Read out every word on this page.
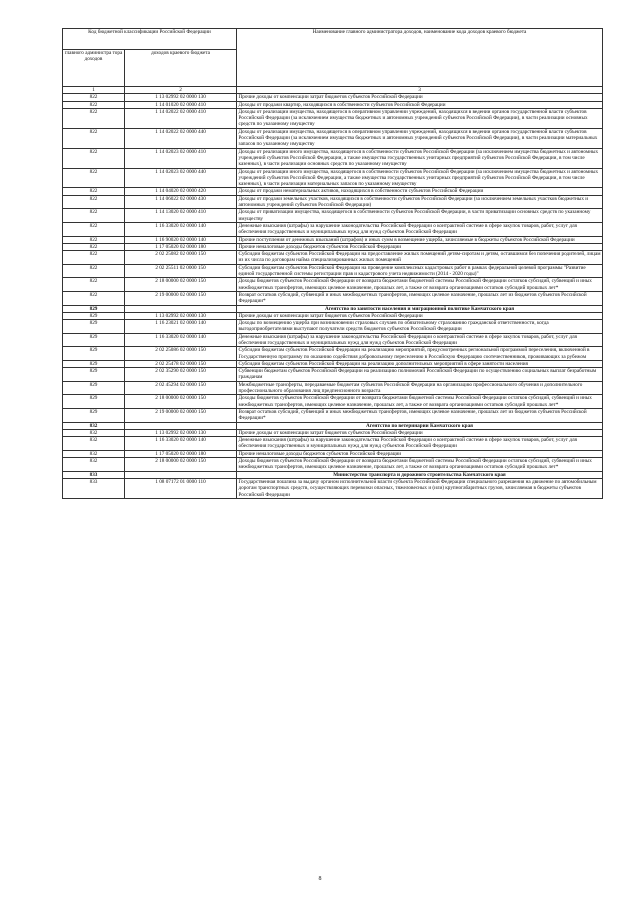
Код бюджетной классификации Российской Федерации		Наименование главного администратора доходов, наименование кода доходов краевого бюджета
главного администра тора доходов	доходов краевого бюджета	
1	2	3
822	1 13 02992 02 0000 130	Прочие доходы от компенсации затрат бюджетов субъектов Российской Федерации
822	1 14 01020 02 0000 410	Доходы от продажи квартир, находящихся в собственности субъектов Российской Федерации
822	1 14 02022 02 0000 410	Доходы от реализации имущества, находящегося в оперативном управлении учреждений, находящихся в ведении органов государственной власти субъектов Российской Федерации (за исключением имущества бюджетных и автономных учреждений субъектов Российской Федерации), в части реализации основных средств по указанному имуществу
822	1 14 02022 02 0000 440	Доходы от реализации имущества, находящегося в оперативном управлении учреждений, находящихся в ведении органов государственной власти субъектов Российской Федерации (за исключением имущества бюджетных и автономных учреждений субъектов Российской Федерации), в части реализации материальных запасов по указанному имуществу
822	1 14 02023 02 0000 410	Доходы от реализации иного имущества, находящегося в собственности субъектов Российской Федерации (за исключением имущества бюджетных и автономных учреждений субъектов Российской Федерации, а также имущества государственных унитарных предприятий субъектов Российской Федерации, в том числе казенных), в части реализации основных средств по указанному имуществу
822	1 14 02023 02 0000 440	Доходы от реализации иного имущества, находящегося в собственности субъектов Российской Федерации (за исключением имущества бюджетных и автономных учреждений субъектов Российской Федерации, а также имущества государственных унитарных предприятий субъектов Российской Федерации, в том числе казенных), в части реализации материальных запасов по указанному имуществу
822	1 14 04020 02 0000 420	Доходы от продажи нематериальных активов, находящихся в собственности субъектов Российской Федерации
822	1 14 06022 02 0000 430	Доходы от продажи земельных участков, находящихся в собственности субъектов Российской Федерации (за исключением земельных участков бюджетных и автономных учреждений субъектов Российской Федерации)
822	1 14 13020 02 0000 410	Доходы от приватизации имущества, находящегося в собственности субъектов Российской Федерации, в части приватизации основных средств по указанному имуществу
822	1 16 33020 02 0000 140	Денежные взыскания (штрафы) за нарушение законодательства Российской Федерации о контрактной системе в сфере закупок товаров, работ, услуг для обеспечения государственных и муниципальных нужд для нужд субъектов Российской Федерации
822	1 16 90020 02 0000 140	Прочие поступления от денежных взысканий (штрафов) и иных сумм в возмещение ущерба, зачисляемые в бюджеты субъектов Российской Федерации
822	1 17 05020 02 0000 180	Прочие неналоговые доходы бюджетов субъектов Российской Федерации
822	2 02 25082 02 0000 150	Субсидии бюджетам субъектов Российской Федерации на предоставление жилых помещений детям-сиротам и детям, оставшимся без попечения родителей, лицам из их числа по договорам найма специализированных жилых помещений
822	2 02 25511 02 0000 150	Субсидии бюджетам субъектов Российской Федерации на проведение комплексных кадастровых работ в рамках федеральной целевой программы "Развитие единой государственной системы регистрации прав и кадастрового учета недвижимости (2014 - 2020 годы)"
822	2 18 00000 02 0000 150	Доходы бюджетов субъектов Российской Федерации от возврата бюджетами бюджетной системы Российской Федерации остатков субсидий, субвенций и иных межбюджетных трансфертов, имеющих целевое назначение, прошлых лет, а также от возврата организациями остатков субсидий прошлых лет*
822	2 19 00000 02 0000 150	Возврат остатков субсидий, субвенций и иных межбюджетных трансфертов, имеющих целевое назначение, прошлых лет из бюджетов субъектов Российской Федерации*
829		Агентство по занятости населения и миграционной политике Камчатского края
829	1 13 02992 02 0000 130	Прочие доходы от компенсации затрат бюджетов субъектов Российской Федерации
829	1 16 23021 02 0000 140	Доходы по возмещению ущерба при возникновении страховых случаев по обязательному страхованию гражданской ответственности, когда выгодоприобретателями выступают получатели средств бюджетов субъектов Российской Федерации
829	1 16 33020 02 0000 140	Денежные взыскания (штрафы) за нарушение законодательства Российской Федерации о контрактной системе в сфере закупок товаров, работ, услуг для обеспечения государственных и муниципальных нужд для нужд субъектов Российской Федерации
829	2 02 25086 02 0000 150	Субсидии бюджетам субъектов Российской Федерации на реализацию мероприятий, предусмотренных региональной программой переселения, включенной в Государственную программу по оказанию содействия добровольному переселению в Российскую Федерацию соотечественников, проживающих за рубежом
829	2 02 25478 02 0000 150	Субсидии бюджетам субъектов Российской Федерации на реализацию дополнительных мероприятий в сфере занятости населения
829	2 02 35290 02 0000 150	Субвенции бюджетам субъектов Российской Федерации на реализацию полномочий Российской Федерации по осуществлению социальных выплат безработным гражданам
829	2 02 45294 02 0000 150	Межбюджетные трансферты, передаваемые бюджетам субъектов Российской Федерации на организацию профессионального обучения и дополнительного профессионального образования лиц предпенсионного возраста
829	2 18 00000 02 0000 150	Доходы бюджетов субъектов Российской Федерации от возврата бюджетами бюджетной системы Российской Федерации остатков субсидий, субвенций и иных межбюджетных трансфертов, имеющих целевое назначение, прошлых лет, а также от возврата организациями остатков субсидий прошлых лет*
829	2 19 00000 02 0000 150	Возврат остатков субсидий, субвенций и иных межбюджетных трансфертов, имеющих целевое назначение, прошлых лет из бюджетов субъектов Российской Федерации*
832		Агентство по ветеринарии Камчатского края
832	1 13 02992 02 0000 130	Прочие доходы от компенсации затрат бюджетов субъектов Российской Федерации
832	1 16 33020 02 0000 140	Денежные взыскания (штрафы) за нарушение законодательства Российской Федерации о контрактной системе в сфере закупок товаров, работ, услуг для обеспечения государственных и муниципальных нужд для нужд субъектов Российской Федерации
832	1 17 05020 02 0000 180	Прочие неналоговые доходы бюджетов субъектов Российской Федерации
832	2 18 00000 02 0000 150	Доходы бюджетов субъектов Российской Федерации от возврата бюджетами бюджетной системы Российской Федерации остатков субсидий, субвенций и иных межбюджетных трансфертов, имеющих целевое назначение, прошлых лет, а также от возврата организациями остатков субсидий прошлых лет*
833		Министерство транспорта и дорожного строительства Камчатского края
833	1 08 07172 01 0000 110	Государственная пошлина за выдачу органом исполнительной власти субъекта Российской Федерации специального разрешения на движение по автомобильным дорогам транспортных средств, осуществляющих перевозки опасных, тяжеловесных и (или) крупногабаритных грузов, зачисляемая в бюджеты субъектов Российской Федерации
8
